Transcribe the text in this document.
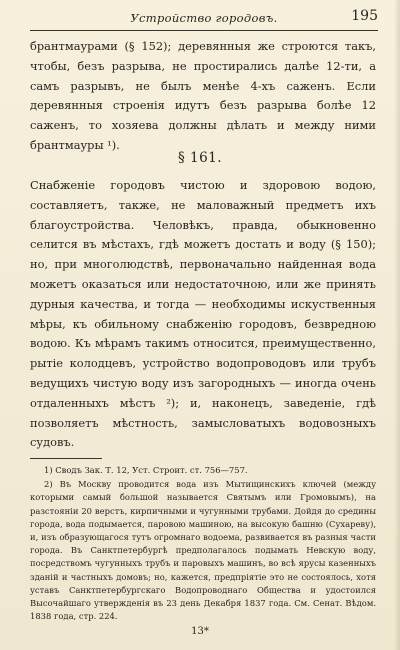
Устройство городовъ.	195

брантмаурами (§ 152); деревянныя же строются такъ, чтобы, безъ разрыва, не простирались далѣе 12-ти, а самъ разрывъ, не былъ менѣе 4-хъ саженъ. Если деревянныя строенія идутъ безъ разрыва болѣе 12 саженъ, то хозяева должны дѣлать и между ними брантмауры ¹).

§ 161.

Снабженіе городовъ чистою и здоровою водою, составляетъ, также, не маловажный предметъ ихъ благоустройства. Человѣкъ, правда, обыкновенно селится въ мѣстахъ, гдѣ можетъ достать и воду (§ 150); но, при многолюдствѣ, первоначально найденная вода можетъ оказаться или недостаточною, или же принять дурныя качества, и тогда — необходимы искуственныя мѣры, къ обильному снабженію городовъ, безвредною водою. Къ мѣрамъ такимъ относится, преимущественно, рытіе колодцевъ, устройство водопроводовъ или трубъ ведущихъ чистую воду изъ загородныхъ — иногда очень отдаленныхъ мѣстъ ²); и, наконецъ, заведеніе, гдѣ позволяетъ мѣстность, замысловатыхъ водовозныхъ судовъ.

1) Сводъ Зак. Т. 12, Уст. Строит. ст. 756—757.

2) Въ Москву проводится вода изъ Мытищинскихъ ключей (между которыми самый большой называется Святымъ или Громовымъ), на разстояніи 20 верстъ, кирпичными и чугунными трубами. Дойдя до средины города, вода подымается, паровою машиною, на высокую башню (Сухареву), и, изъ образующагося тутъ огромнаго водоема, развивается въ разныя части города. Въ Санктпетербургѣ предполагалось подымать Невскую воду, посредствомъ чугунныхъ трубъ и паровыхъ машинъ, во всѣ ярусы казенныхъ зданій и частныхъ домовъ; но, кажется, предпріятіе это не состоялось, хотя уставъ Санктпетербургскаго Водопроводнаго Общества и удостоился Высочайшаго утвержденія въ 23 день Декабря 1837 года. См. Сенат. Вѣдом. 1838 года, стр. 224.

13*
